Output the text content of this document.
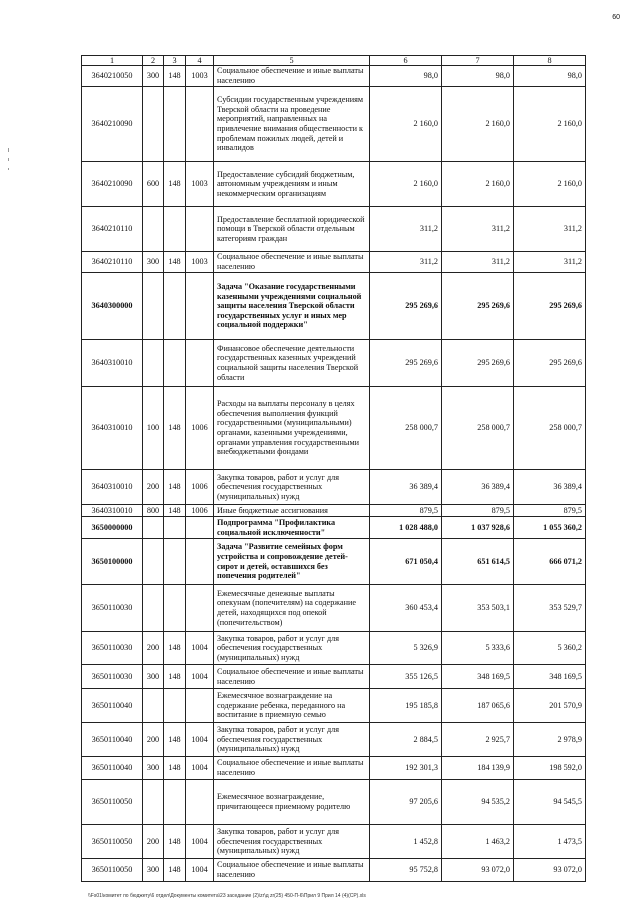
60
1	2	3	4	5	6	7	8
3640210050	300	148	1003	Социальное обеспечение и иные выплаты населению	98,0	98,0	98,0
3640210090				Субсидии государственным учреждениям Тверской области на проведение мероприятий, направленных на привлечение внимания общественности к проблемам пожилых людей, детей и инвалидов	2 160,0	2 160,0	2 160,0
3640210090	600	148	1003	Предоставление субсидий бюджетным, автономным учреждениям и иным некоммерческим организациям	2 160,0	2 160,0	2 160,0
3640210110				Предоставление бесплатной юридической помощи в Тверской области отдельным категориям граждан	311,2	311,2	311,2
3640210110	300	148	1003	Социальное обеспечение и иные выплаты населению	311,2	311,2	311,2
3640300000				Задача "Оказание государственными казенными учреждениями социальной защиты населения Тверской области государственных услуг и иных мер социальной поддержки"	295 269,6	295 269,6	295 269,6
3640310010				Финансовое обеспечение деятельности государственных казенных учреждений социальной защиты населения Тверской области	295 269,6	295 269,6	295 269,6
3640310010	100	148	1006	Расходы на выплаты персоналу в целях обеспечения выполнения функций государственными (муниципальными) органами, казенными учреждениями, органами управления государственными внебюджетными фондами	258 000,7	258 000,7	258 000,7
3640310010	200	148	1006	Закупка товаров, работ и услуг для обеспечения государственных (муниципальных) нужд	36 389,4	36 389,4	36 389,4
3640310010	800	148	1006	Иные бюджетные ассигнования	879,5	879,5	879,5
3650000000				Подпрограмма "Профилактика социальной исключенности"	1 028 488,0	1 037 928,6	1 055 360,2
3650100000				Задача "Развитие семейных форм устройства и сопровождение детей-сирот и детей, оставшихся без попечения родителей"	671 050,4	651 614,5	666 071,2
3650110030				Ежемесячные денежные выплаты опекунам (попечителям) на содержание детей, находящихся под опекой (попечительством)	360 453,4	353 503,1	353 529,7
3650110030	200	148	1004	Закупка товаров, работ и услуг для обеспечения государственных (муниципальных) нужд	5 326,9	5 333,6	5 360,2
3650110030	300	148	1004	Социальное обеспечение и иные выплаты населению	355 126,5	348 169,5	348 169,5
3650110040				Ежемесячное вознаграждение на содержание ребенка, переданного на воспитание в приемную семью	195 185,8	187 065,6	201 570,9
3650110040	200	148	1004	Закупка товаров, работ и услуг для обеспечения государственных (муниципальных) нужд	2 884,5	2 925,7	2 978,9
3650110040	300	148	1004	Социальное обеспечение и иные выплаты населению	192 301,3	184 139,9	198 592,0
3650110050				Ежемесячное вознаграждение, причитающееся приемному родителю	97 205,6	94 535,2	94 545,5
3650110050	200	148	1004	Закупка товаров, работ и услуг для обеспечения государственных (муниципальных) нужд	1 452,8	1 463,2	1 473,5
3650110050	300	148	1004	Социальное обеспечение и иные выплаты населению	95 752,8	93 072,0	93 072,0
\\Fs01\комитет по бюджету\6 отдел\Документы комитета\23 заседание (2)\zr\д zr(25) 450-П-6\Прил 9 Прил 14 (4)(CP).xls
